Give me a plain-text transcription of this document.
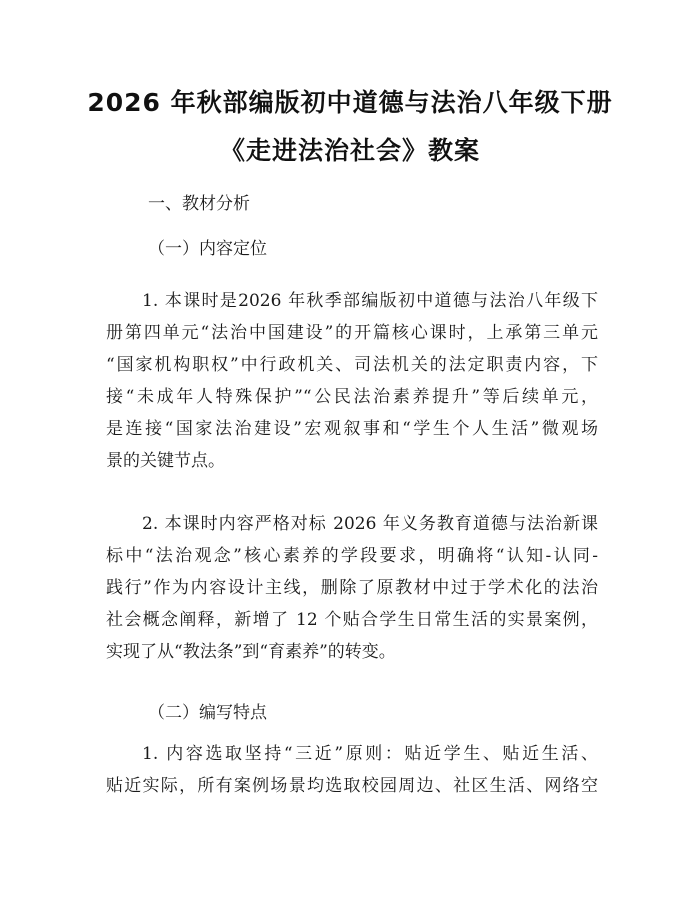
2026 年秋部编版初中道德与法治八年级下册
《走进法治社会》教案
一、教材分析
（一）内容定位
1. 本课时是2026 年秋季部编版初中道德与法治八年级下
册第四单元“法治中国建设”的开篇核心课时，上承第三单元
“国家机构职权”中行政机关、司法机关的法定职责内容，下
接“未成年人特殊保护”“公民法治素养提升”等后续单元，
是连接“国家法治建设”宏观叙事和“学生个人生活”微观场
景的关键节点。
2. 本课时内容严格对标 2026 年义务教育道德与法治新课
标中“法治观念”核心素养的学段要求，明确将“认知-认同-
践行”作为内容设计主线，删除了原教材中过于学术化的法治
社会概念阐释，新增了 12 个贴合学生日常生活的实景案例，
实现了从“教法条”到“育素养”的转变。
（二）编写特点
1. 内容选取坚持“三近”原则：贴近学生、贴近生活、
贴近实际，所有案例场景均选取校园周边、社区生活、网络空
